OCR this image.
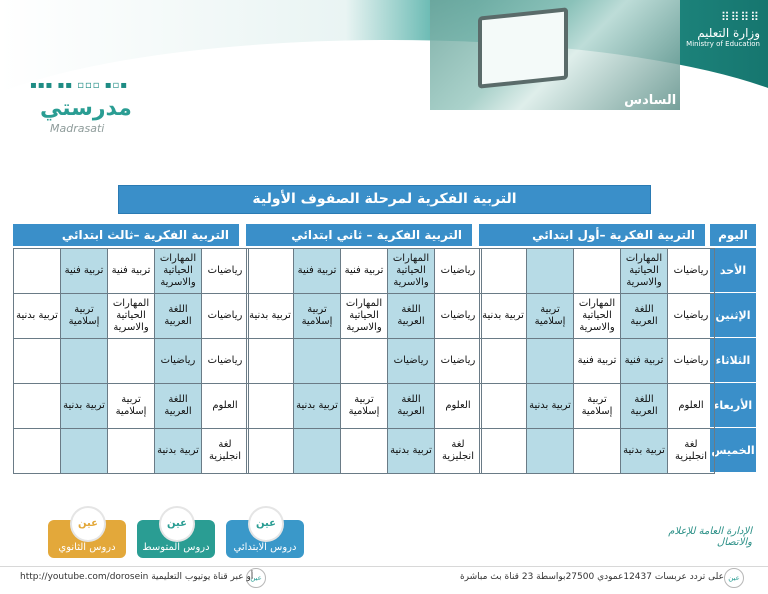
⠿⠿⠿⠿
وزارة التعليم
Ministry of Education
الأسبوع السادس
الفصل الثاني 1443هـ
▪▪▪ ▪▪ ▫▫▫ ▪▫▪
مدرستي
Madrasati
التربية الفكرية لمرحلة الصفوف الأولية
اليوم
الأحد
الإثنين
الثلاثاء
الأربعاء
الخميس
التربية الفكرية –أول ابتدائي
			المهارات الحياتية والاسرية	رياضيات
تربية بدنية	تربية إسلامية	المهارات الحياتية والاسرية	اللغة العربية	رياضيات
		تربية فنية	تربية فنية	رياضيات
	تربية بدنية	تربية إسلامية	اللغة العربية	العلوم
			تربية بدنية	لغة انجليزية
التربية الفكرية – ثاني ابتدائي
	تربية فنية	تربية فنية	المهارات الحياتية والاسرية	رياضيات
تربية بدنية	تربية إسلامية	المهارات الحياتية والاسرية	اللغة العربية	رياضيات
			رياضيات	رياضيات
	تربية بدنية	تربية إسلامية	اللغة العربية	العلوم
			تربية بدنية	لغة انجليزية
التربية الفكرية –ثالث ابتدائي
	تربية فنية	تربية فنية	المهارات الحياتية والاسرية	رياضيات
تربية بدنية	تربية إسلامية	المهارات الحياتية والاسرية	اللغة العربية	رياضيات
			رياضيات	رياضيات
	تربية بدنية	تربية إسلامية	اللغة العربية	العلوم
			تربية بدنية	لغة انجليزية
عين
دروس الابتدائي
عين
دروس المتوسط
عين
دروس الثانوي
الإدارة العامة للإعلام والاتصال
عين
http://youtube.com/dorosein أو عبر قناة يوتيوب التعليمية	عين
على تردد عربسات 12437عمودي 27500بواسطة 23 قناة بث مباشرة
